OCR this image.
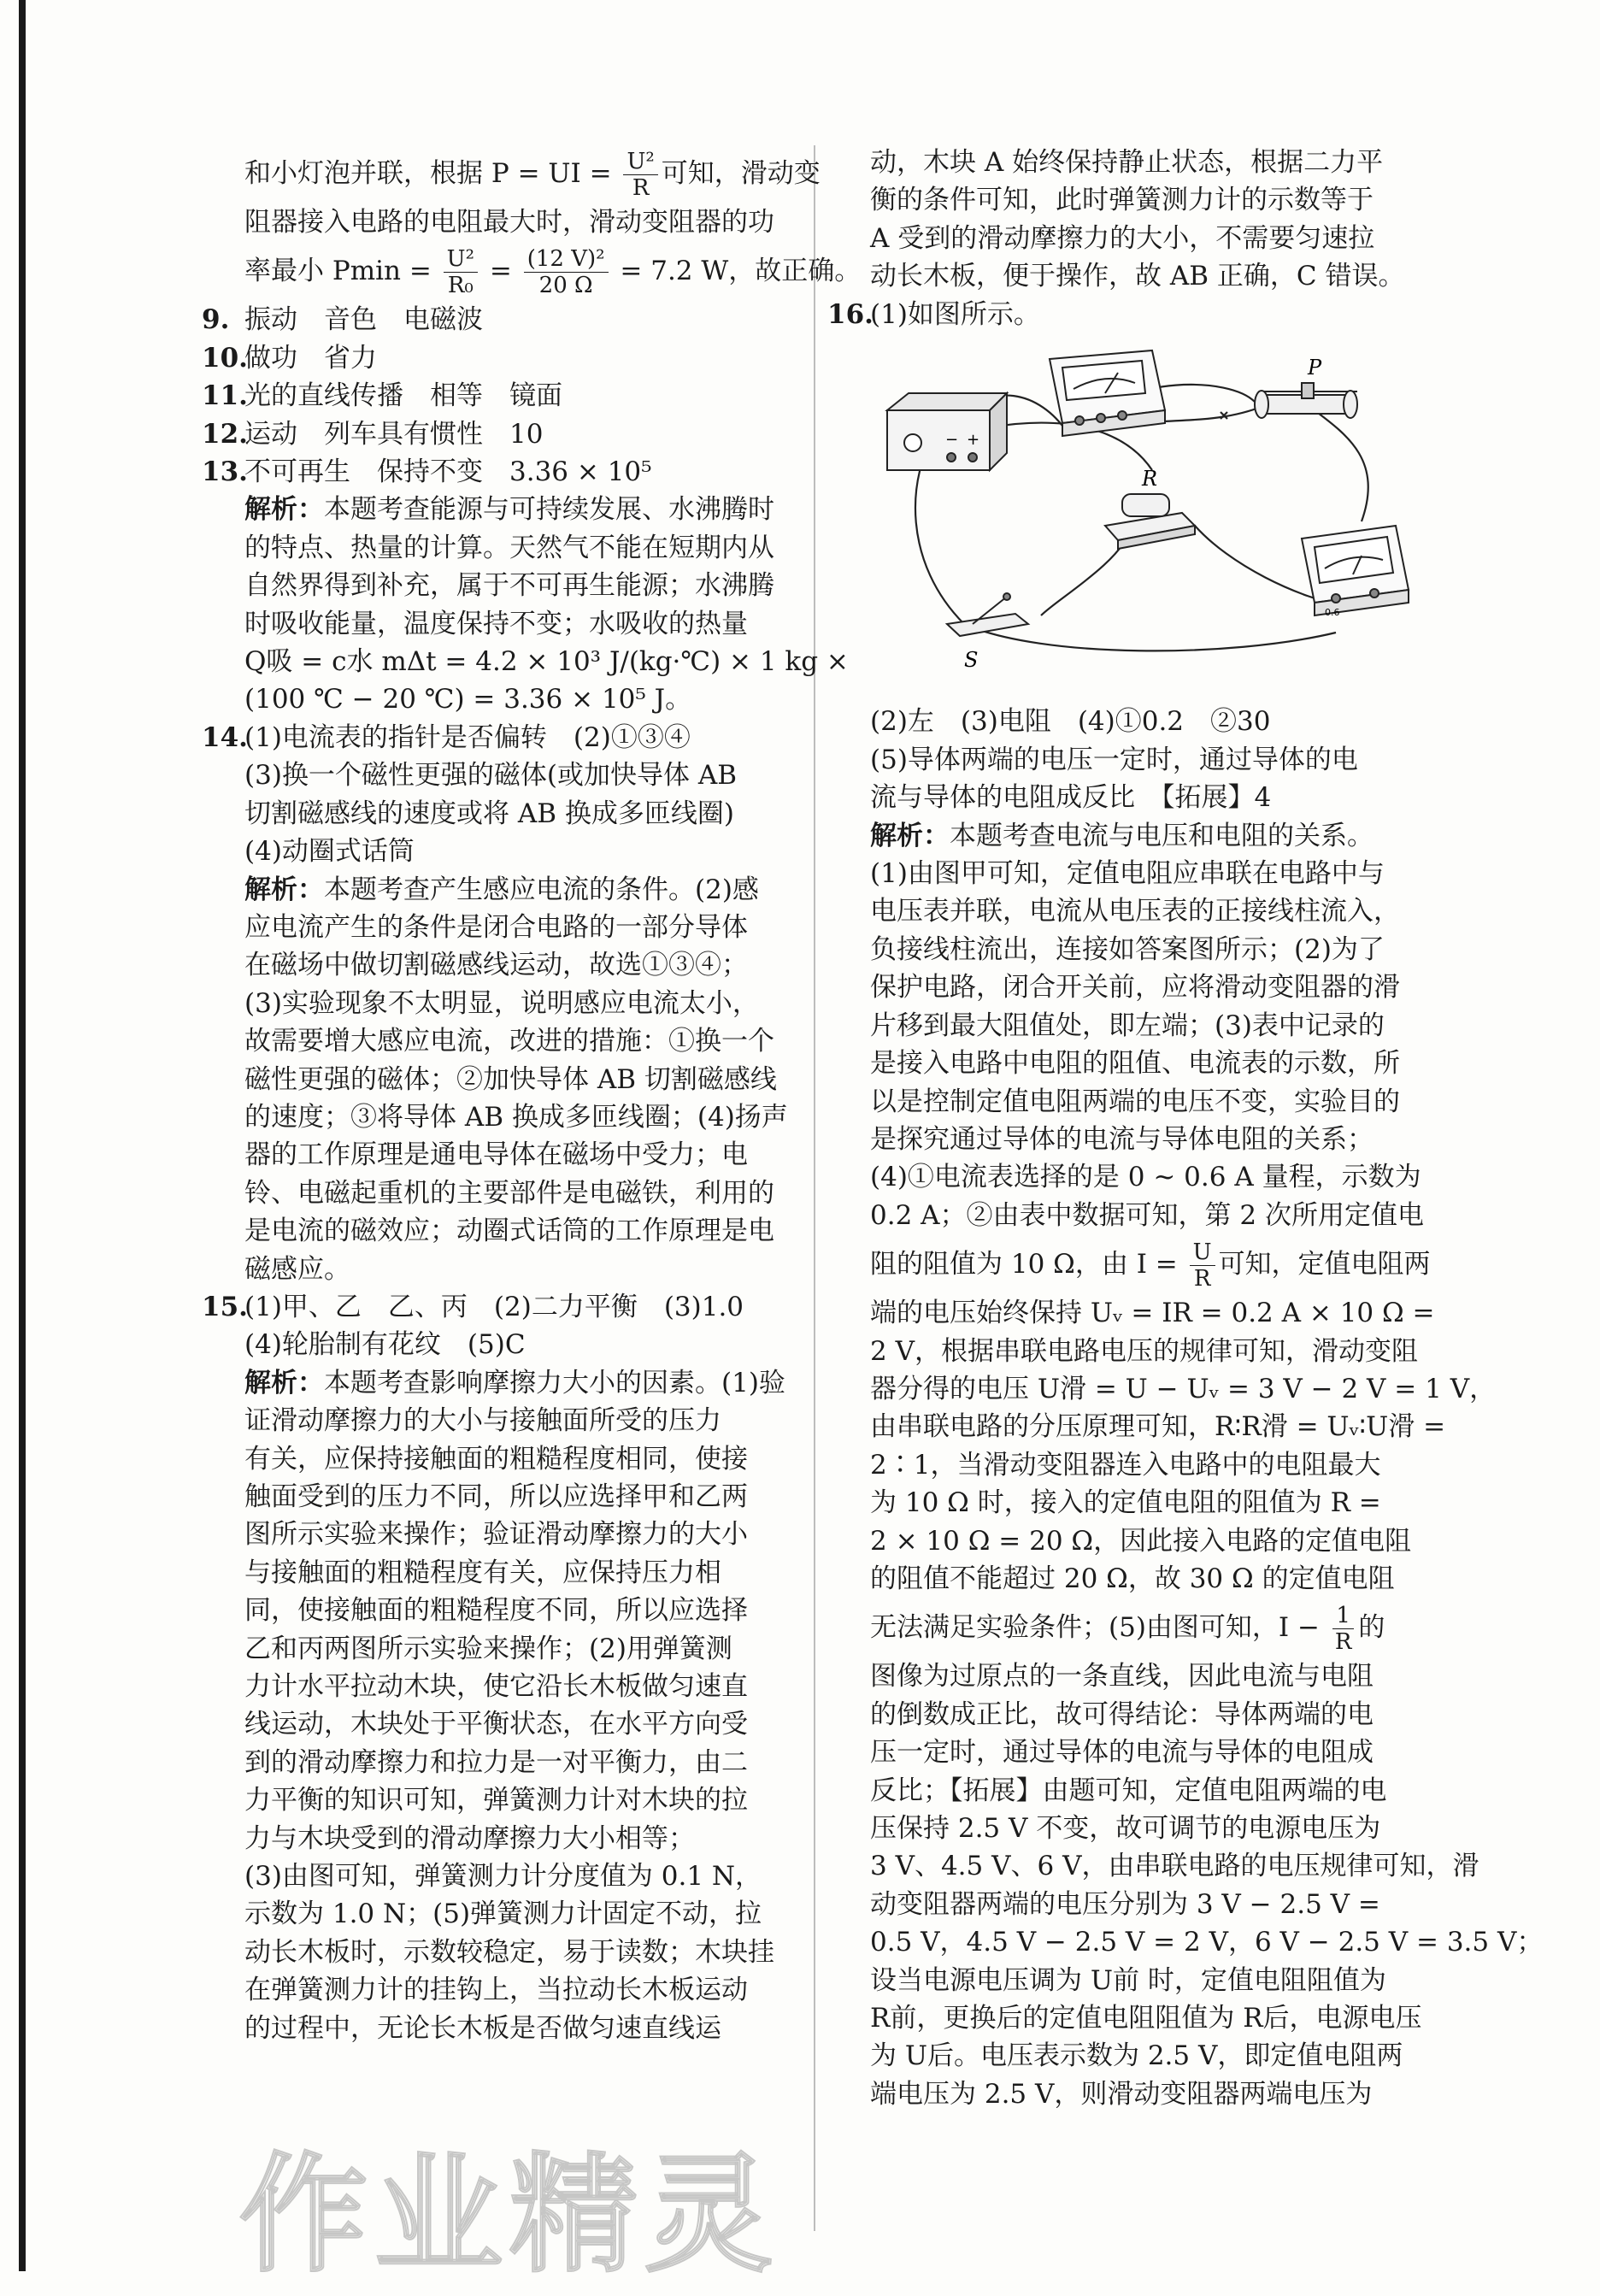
和小灯泡并联，根据 P = UI = $\frac{\text{U²}}{R}$ 可知，滑动变
阻器接入电路的电阻最大时，滑动变阻器的功
率最小 $Pmin = \frac{\text{U²}}{\text{R₀}} = \frac{\text{(12 V)²}}{20 \Omega} = 7.2$ W，故正确。
9. 振动　音色　电磁波
10.做功　省力
11.光的直线传播　相等　镜面
12.运动　列车具有惯性　10
13.不可再生　保持不变　3.36 × 10⁵
解析：本题考查能源与可持续发展、水沸腾时
的特点、热量的计算。天然气不能在短期内从
自然界得到补充，属于不可再生能源；水沸腾
时吸收能量，温度保持不变；水吸收的热量
Q吸 = c水 mΔt = 4.2 × 10³ J/(kg·℃) × 1 kg ×
(100 ℃ − 20 ℃) = 3.36 × 10⁵ J。
14.(1)电流表的指针是否偏转　(2)①③④
(3)换一个磁性更强的磁体(或加快导体 AB
切割磁感线的速度或将 AB 换成多匝线圈)
(4)动圈式话筒
解析：本题考查产生感应电流的条件。(2)感
应电流产生的条件是闭合电路的一部分导体
在磁场中做切割磁感线运动，故选①③④；
(3)实验现象不太明显，说明感应电流太小，
故需要增大感应电流，改进的措施：①换一个
磁性更强的磁体；②加快导体 AB 切割磁感线
的速度；③将导体 AB 换成多匝线圈；(4)扬声
器的工作原理是通电导体在磁场中受力；电
铃、电磁起重机的主要部件是电磁铁，利用的
是电流的磁效应；动圈式话筒的工作原理是电
磁感应。
15.(1)甲、乙　乙、丙　(2)二力平衡　(3)1.0
(4)轮胎制有花纹　(5)C
解析：本题考查影响摩擦力大小的因素。(1)验
证滑动摩擦力的大小与接触面所受的压力
有关，应保持接触面的粗糙程度相同，使接
触面受到的压力不同，所以应选择甲和乙两
图所示实验来操作；验证滑动摩擦力的大小
与接触面的粗糙程度有关，应保持压力相
同，使接触面的粗糙程度不同，所以应选择
乙和丙两图所示实验来操作；(2)用弹簧测
力计水平拉动木块，使它沿长木板做匀速直
线运动，木块处于平衡状态，在水平方向受
到的滑动摩擦力和拉力是一对平衡力，由二
力平衡的知识可知，弹簧测力计对木块的拉
力与木块受到的滑动摩擦力大小相等；
(3)由图可知，弹簧测力计分度值为 0.1 N，
示数为 1.0 N；(5)弹簧测力计固定不动，拉
动长木板时，示数较稳定，易于读数；木块挂
在弹簧测力计的挂钩上，当拉动长木板运动
的过程中，无论长木板是否做匀速直线运
动，木块 A 始终保持静止状态，根据二力平
衡的条件可知，此时弹簧测力计的示数等于
A 受到的滑动摩擦力的大小，不需要匀速拉
动长木板，便于操作，故 AB 正确，C 错误。
16.(1)如图所示。
− +
P
R
0.6
S
(2)左　(3)电阻　(4)①0.2　②30
(5)导体两端的电压一定时，通过导体的电
流与导体的电阻成反比　【拓展】4
解析：本题考查电流与电压和电阻的关系。
(1)由图甲可知，定值电阻应串联在电路中与
电压表并联，电流从电压表的正接线柱流入，
负接线柱流出，连接如答案图所示；(2)为了
保护电路，闭合开关前，应将滑动变阻器的滑
片移到最大阻值处，即左端；(3)表中记录的
是接入电路中电阻的阻值、电流表的示数，所
以是控制定值电阻两端的电压不变，实验目的
是探究通过导体的电流与导体电阻的关系；
(4)①电流表选择的是 0 ~ 0.6 A 量程，示数为
0.2 A；②由表中数据可知，第 2 次所用定值电
阻的阻值为 10 Ω，由 $I = \frac{U}{R}$ 可知，定值电阻两
端的电压始终保持 Uᵥ = IR = 0.2 A × 10 Ω =
2 V，根据串联电路电压的规律可知，滑动变阻
器分得的电压 U滑 = U − Uᵥ = 3 V − 2 V = 1 V，
由串联电路的分压原理可知，R∶R滑 = Uᵥ∶U滑 =
2∶1，当滑动变阻器连入电路中的电阻最大
为 10 Ω 时，接入的定值电阻的阻值为 R =
2 × 10 Ω = 20 Ω，因此接入电路的定值电阻
的阻值不能超过 20 Ω，故 30 Ω 的定值电阻
无法满足实验条件；(5)由图可知，$I - \frac{1}{R}$ 的
图像为过原点的一条直线，因此电流与电阻
的倒数成正比，故可得结论：导体两端的电
压一定时，通过导体的电流与导体的电阻成
反比；【拓展】由题可知，定值电阻两端的电
压保持 2.5 V 不变，故可调节的电源电压为
3 V、4.5 V、6 V，由串联电路的电压规律可知，滑
动变阻器两端的电压分别为 3 V − 2.5 V =
0.5 V，4.5 V − 2.5 V = 2 V，6 V − 2.5 V = 3.5 V；
设当电源电压调为 U前 时，定值电阻阻值为
R前，更换后的定值电阻阻值为 R后，电源电压
为 U后。电压表示数为 2.5 V，即定值电阻两
端电压为 2.5 V，则滑动变阻器两端电压为
作业精灵
